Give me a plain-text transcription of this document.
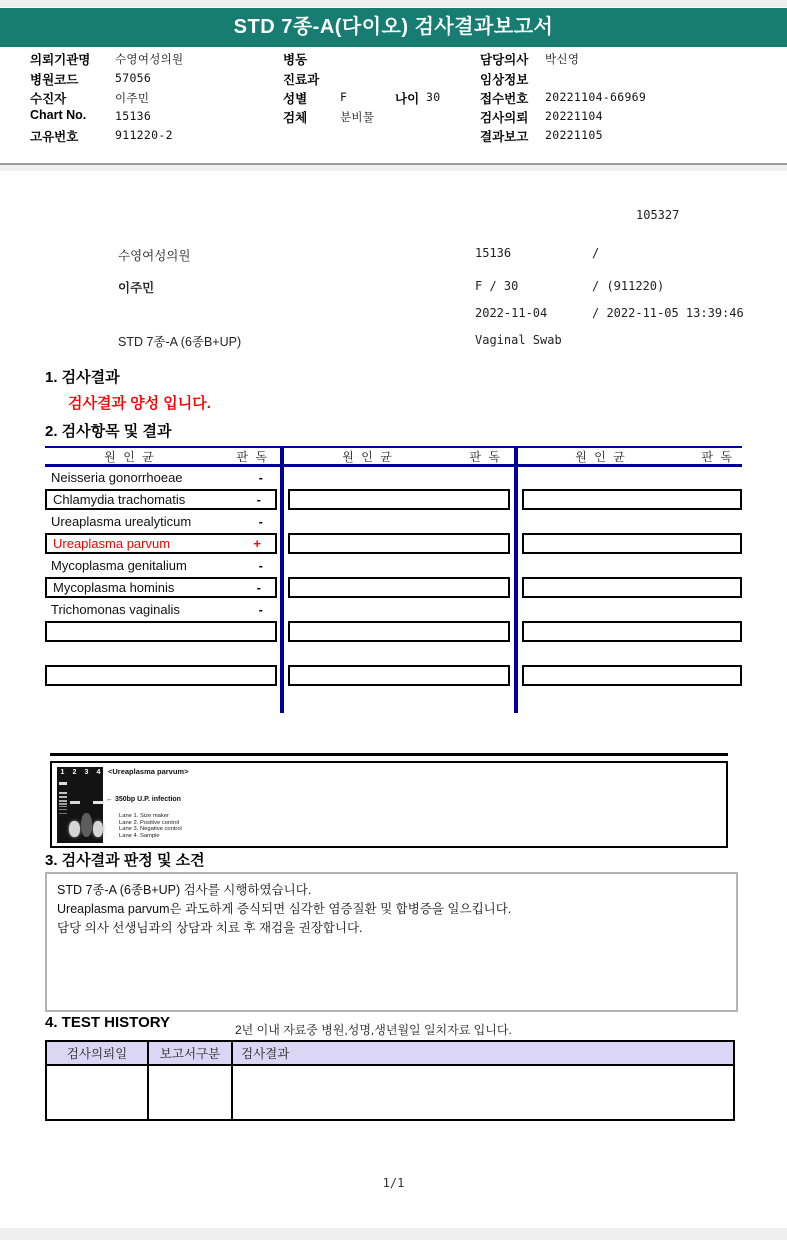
STD 7종-A(다이오) 검사결과보고서
의뢰기관명 수영여성의원
병원코드	57056
수진자	이주민
Chart No.	15136
고유번호	911220-2
병동
진료과
성별	F	나이 30
검체	분비물
담당의사 박신영
임상정보
접수번호 20221104-66969
검사의뢰 20221104
결과보고 20221105
105327
수영여성의원	15136	/
이주민	F / 30	/ (911220)
2022-11-04	/ 2022-11-05 13:39:46
STD 7종-A (6종B+UP)	Vaginal Swab
1. 검사결과
검사결과 양성 입니다.
2. 검사항목 및 결과
원 인 균	판 독	원 인 균	판 독	원 인 균	판 독
Neisseria gonorrhoeae	-
Chlamydia trachomatis	-
Ureaplasma urealyticum	-
Ureaplasma parvum	+
Mycoplasma genitalium	-
Mycoplasma hominis	-
Trichomonas vaginalis	-
1	2	3	4	<Ureaplasma parvum>
← 350bp U.P. infection
Lane 1. Size maker
Lane 2. Positive control
Lane 3. Negative control
Lane 4. Sample
3. 검사결과 판정 및 소견
STD 7종-A (6종B+UP) 검사를 시행하였습니다.
Ureaplasma parvum은 과도하게 증식되면 심각한 염증질환 및 합병증을 일으킵니다.
담당 의사 선생님과의 상담과 치료 후 재검을 권장합니다.
4. TEST HISTORY	2년 이내 자료중 병원,성명,생년월일 일치자료 입니다.
검사의뢰일	보고서구분	검사결과
1/1
